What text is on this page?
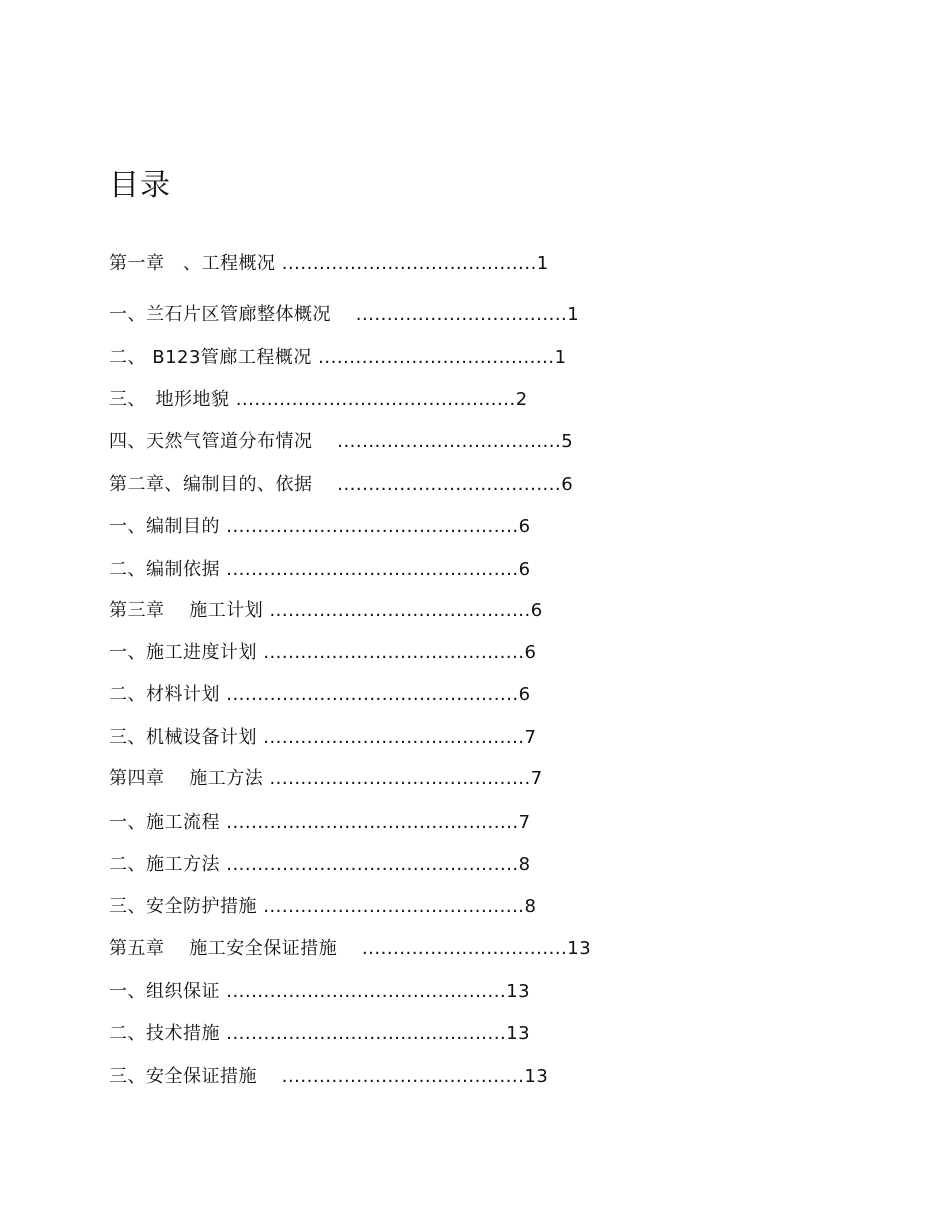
目录
第一章　、工程概况 .........................................1
一、兰石片区管廊整体概况　 ..................................1
二、 B123管廊工程概况 ......................................1
三、　地形地貌 .............................................2
四、天然气管道分布情况　 ....................................5
第二章、编制目的、依据　 ....................................6
一、编制目的 ...............................................6
二、编制依据 ...............................................6
第三章　 施工计划 ..........................................6
一、施工进度计划 ..........................................6
二、材料计划 ...............................................6
三、机械设备计划 ..........................................7
第四章　 施工方法 ..........................................7
一、施工流程 ...............................................7
二、施工方法 ...............................................8
三、安全防护措施 ..........................................8
第五章　 施工安全保证措施　 .................................13
一、组织保证 .............................................13
二、技术措施 .............................................13
三、安全保证措施　 .......................................13
